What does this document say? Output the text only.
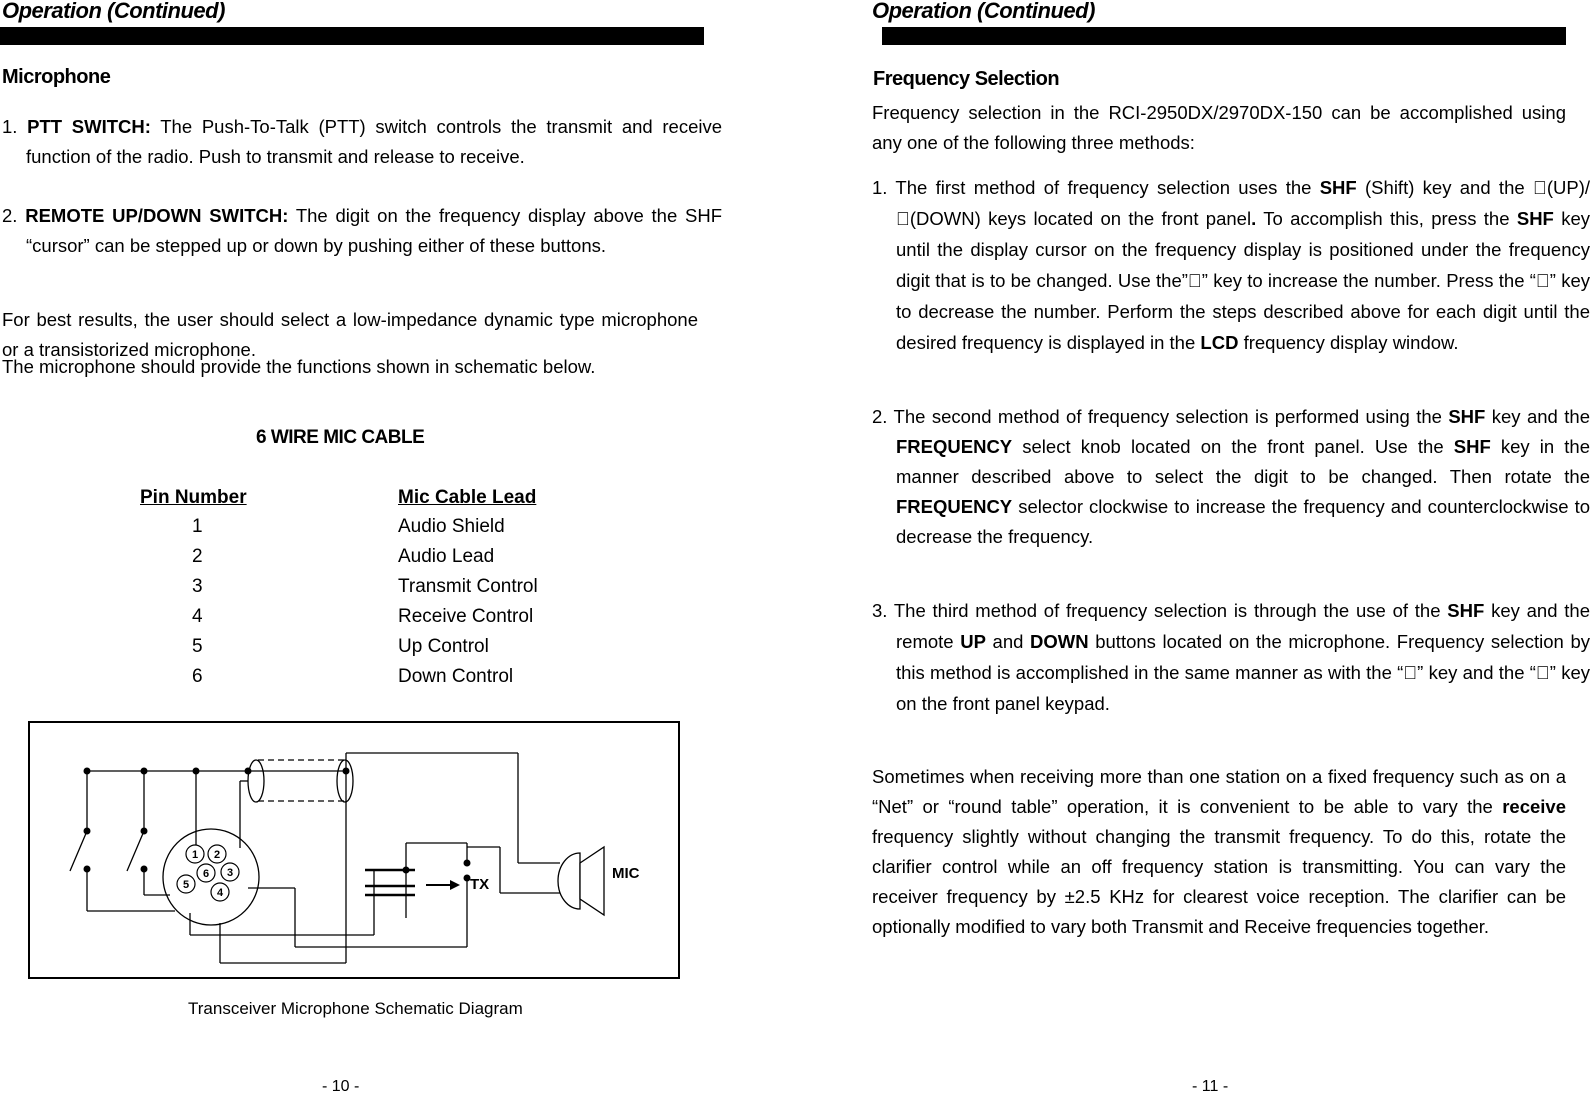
Operation (Continued)
Microphone
1. PTT SWITCH: The Push-To-Talk (PTT) switch controls the transmit and receive function of the radio. Push to transmit and release to receive.
2. REMOTE UP/DOWN SWITCH: The digit on the frequency display above the SHF “cursor” can be stepped up or down by pushing either of these buttons.
For best results, the user should select a low-impedance dynamic type microphone or a transistorized microphone.
The microphone should provide the functions shown in schematic below.
6 WIRE MIC CABLE
Pin Number	Mic Cable Lead
1	Audio Shield
2	Audio Lead
3	Transmit Control
4	Receive Control
5	Up Control
6	Down Control
1 2
3
4
5
6
TX
MIC
Transceiver Microphone Schematic Diagram
- 10 -
Operation (Continued)
Frequency Selection
Frequency selection in the RCI-2950DX/2970DX-150 can be accomplished using any one of the following three methods:
1. The first method of frequency selection uses the SHF (Shift) key and the (UP)/ (DOWN) keys located on the front panel. To accomplish this, press the SHF key until the display cursor on the frequency display is positioned under the frequency digit that is to be changed. Use the” ” key to increase the number. Press the “ ” key to decrease the number. Perform the steps described above for each digit until the desired frequency is displayed in the LCD frequency display window.
2. The second method of frequency selection is performed using the SHF key and the FREQUENCY select knob located on the front panel. Use the SHF key in the manner described above to select the digit to be changed. Then rotate the FREQUENCY selector clockwise to increase the frequency and counterclockwise to decrease the frequency.
3. The third method of frequency selection is through the use of the SHF key and the remote UP and DOWN buttons located on the microphone. Frequency selection by this method is accomplished in the same manner as with the “ ” key and the “ ” key on the front panel keypad.
Sometimes when receiving more than one station on a fixed frequency such as on a “Net” or “round table” operation, it is convenient to be able to vary the receive frequency slightly without changing the transmit frequency. To do this, rotate the clarifier control while an off frequency station is transmitting. You can vary the receiver frequency by ±2.5 KHz for clearest voice reception. The clarifier can be optionally modified to vary both Transmit and Receive frequencies together.
- 11 -
